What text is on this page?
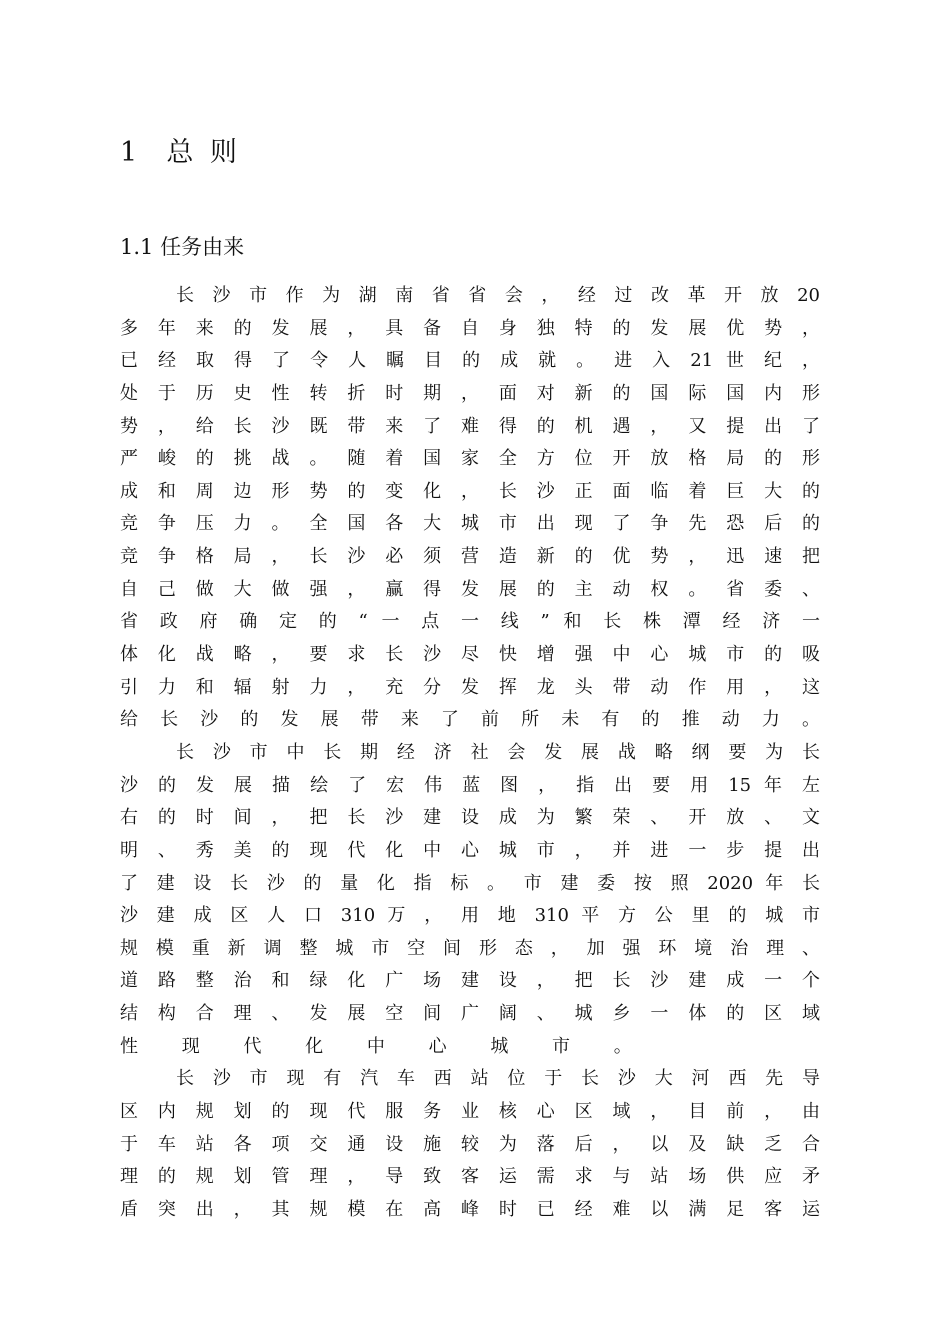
1  总 则
1.1 任务由来
长 沙 市 作 为 湖 南 省 省 会 ， 经 过 改 革 开 放 20
多 年 来 的 发 展 ， 具 备 自 身 独 特 的 发 展 优 势 ，
已 经 取 得 了 令 人 瞩 目 的 成 就 。 进 入 21 世 纪 ，
处 于 历 史 性 转 折 时 期 ， 面 对 新 的 国 际 国 内 形
势 ， 给 长 沙 既 带 来 了 难 得 的 机 遇 ， 又 提 出 了
严 峻 的 挑 战 。 随 着 国 家 全 方 位 开 放 格 局 的 形
成 和 周 边 形 势 的 变 化 ， 长 沙 正 面 临 着 巨 大 的
竞 争 压 力 。 全 国 各 大 城 市 出 现 了 争 先 恐 后 的
竞 争 格 局 ， 长 沙 必 须 营 造 新 的 优 势 ， 迅 速 把
自 己 做 大 做 强 ， 赢 得 发 展 的 主 动 权 。 省 委 、
省 政 府 确 定 的 “ 一 点 一 线 ” 和 长 株 潭 经 济 一
体 化 战 略 ， 要 求 长 沙 尽 快 增 强 中 心 城 市 的 吸
引 力 和 辐 射 力 ， 充 分 发 挥 龙 头 带 动 作 用 ， 这
给 长 沙 的 发 展 带 来 了 前 所 未 有 的 推 动 力 。
长 沙 市 中 长 期 经 济 社 会 发 展 战 略 纲 要 为 长
沙 的 发 展 描 绘 了 宏 伟 蓝 图 ， 指 出 要 用 15 年 左
右 的 时 间 ， 把 长 沙 建 设 成 为 繁 荣 、 开 放 、 文
明 、 秀 美 的 现 代 化 中 心 城 市 ， 并 进 一 步 提 出
了 建 设 长 沙 的 量 化 指 标 。 市 建 委 按 照 2020 年 长
沙 建 成 区 人 口 310 万 ， 用 地 310 平 方 公 里 的 城 市
规 模 重 新 调 整 城 市 空 间 形 态 ， 加 强 环 境 治 理 、
道 路 整 治 和 绿 化 广 场 建 设 ， 把 长 沙 建 成 一 个
结 构 合 理 、 发 展 空 间 广 阔 、 城 乡 一 体 的 区 域
性 现 代 化 中 心 城 市 。
长 沙 市 现 有 汽 车 西 站 位 于 长 沙 大 河 西 先 导
区 内 规 划 的 现 代 服 务 业 核 心 区 域 ， 目 前 ， 由
于 车 站 各 项 交 通 设 施 较 为 落 后 ， 以 及 缺 乏 合
理 的 规 划 管 理 ， 导 致 客 运 需 求 与 站 场 供 应 矛
盾 突 出 ， 其 规 模 在 高 峰 时 已 经 难 以 满 足 客 运
